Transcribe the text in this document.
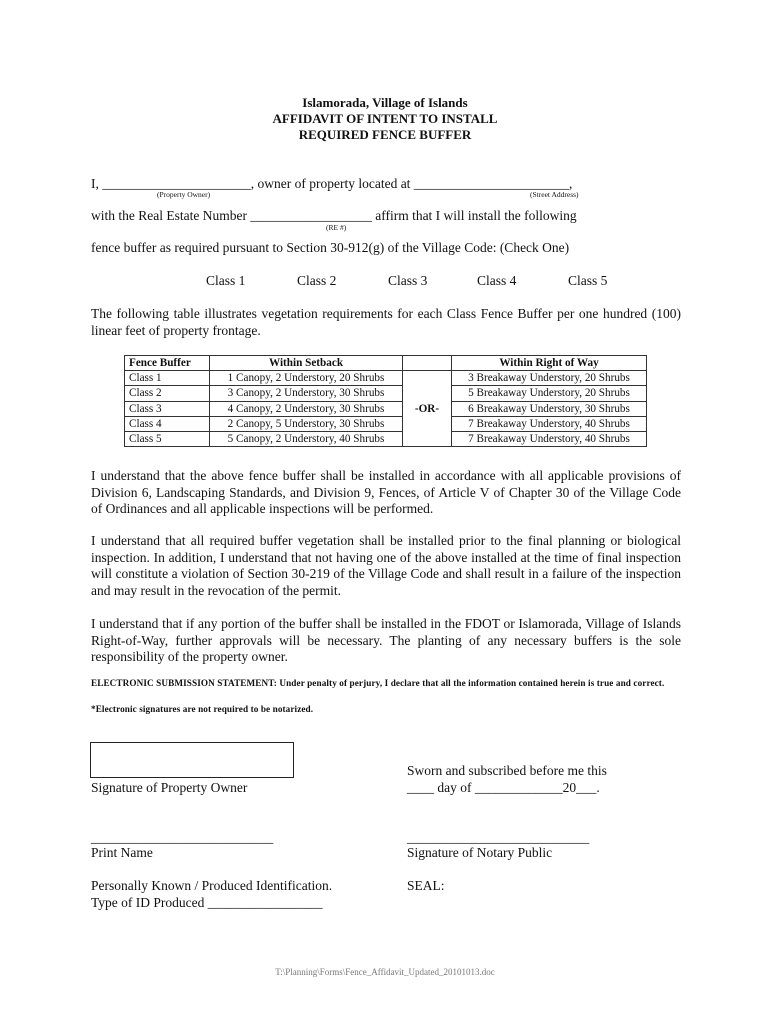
Islamorada, Village of Islands
AFFIDAVIT OF INTENT TO INSTALL
REQUIRED FENCE BUFFER
I, ______________________, owner of property located at _______________________,
(Property Owner)	(Street Address)
with the Real Estate Number __________________ affirm that I will install the following
(RE #)
fence buffer as required pursuant to Section 30-912(g) of the Village Code: (Check One)
Class 1	Class 2	Class 3	Class 4	Class 5
The following table illustrates vegetation requirements for each Class Fence Buffer per one hundred (100) linear feet of property frontage.
Fence Buffer	Within Setback		Within Right of Way
Class 1	1 Canopy, 2 Understory, 20 Shrubs	-OR-	3 Breakaway Understory, 20 Shrubs
Class 2	3 Canopy, 2 Understory, 30 Shrubs		5 Breakaway Understory, 20 Shrubs
Class 3	4 Canopy, 2 Understory, 30 Shrubs		6 Breakaway Understory, 30 Shrubs
Class 4	2 Canopy, 5 Understory, 30 Shrubs		7 Breakaway Understory, 40 Shrubs
Class 5	5 Canopy, 2 Understory, 40 Shrubs		7 Breakaway Understory, 40 Shrubs
I understand that the above fence buffer shall be installed in accordance with all applicable provisions of Division 6, Landscaping Standards, and Division 9, Fences, of Article V of Chapter 30 of the Village Code of Ordinances and all applicable inspections will be performed.
I understand that all required buffer vegetation shall be installed prior to the final planning or biological inspection. In addition, I understand that not having one of the above installed at the time of final inspection will constitute a violation of Section 30-219 of the Village Code and shall result in a failure of the inspection and may result in the revocation of the permit.
I understand that if any portion of the buffer shall be installed in the FDOT or Islamorada, Village of Islands Right-of-Way, further approvals will be necessary. The planting of any necessary buffers is the sole responsibility of the property owner.
ELECTRONIC SUBMISSION STATEMENT: Under penalty of perjury, I declare that all the information contained herein is true and correct.
*Electronic signatures are not required to be notarized.
Signature of Property Owner
Sworn and subscribed before me this
____ day of _____________20___.
___________________________
Print Name
___________________________
Signature of Notary Public
Personally Known / Produced Identification.
Type of ID Produced _________________
SEAL:
T:\Planning\Forms\Fence_Affidavit_Updated_20101013.doc
